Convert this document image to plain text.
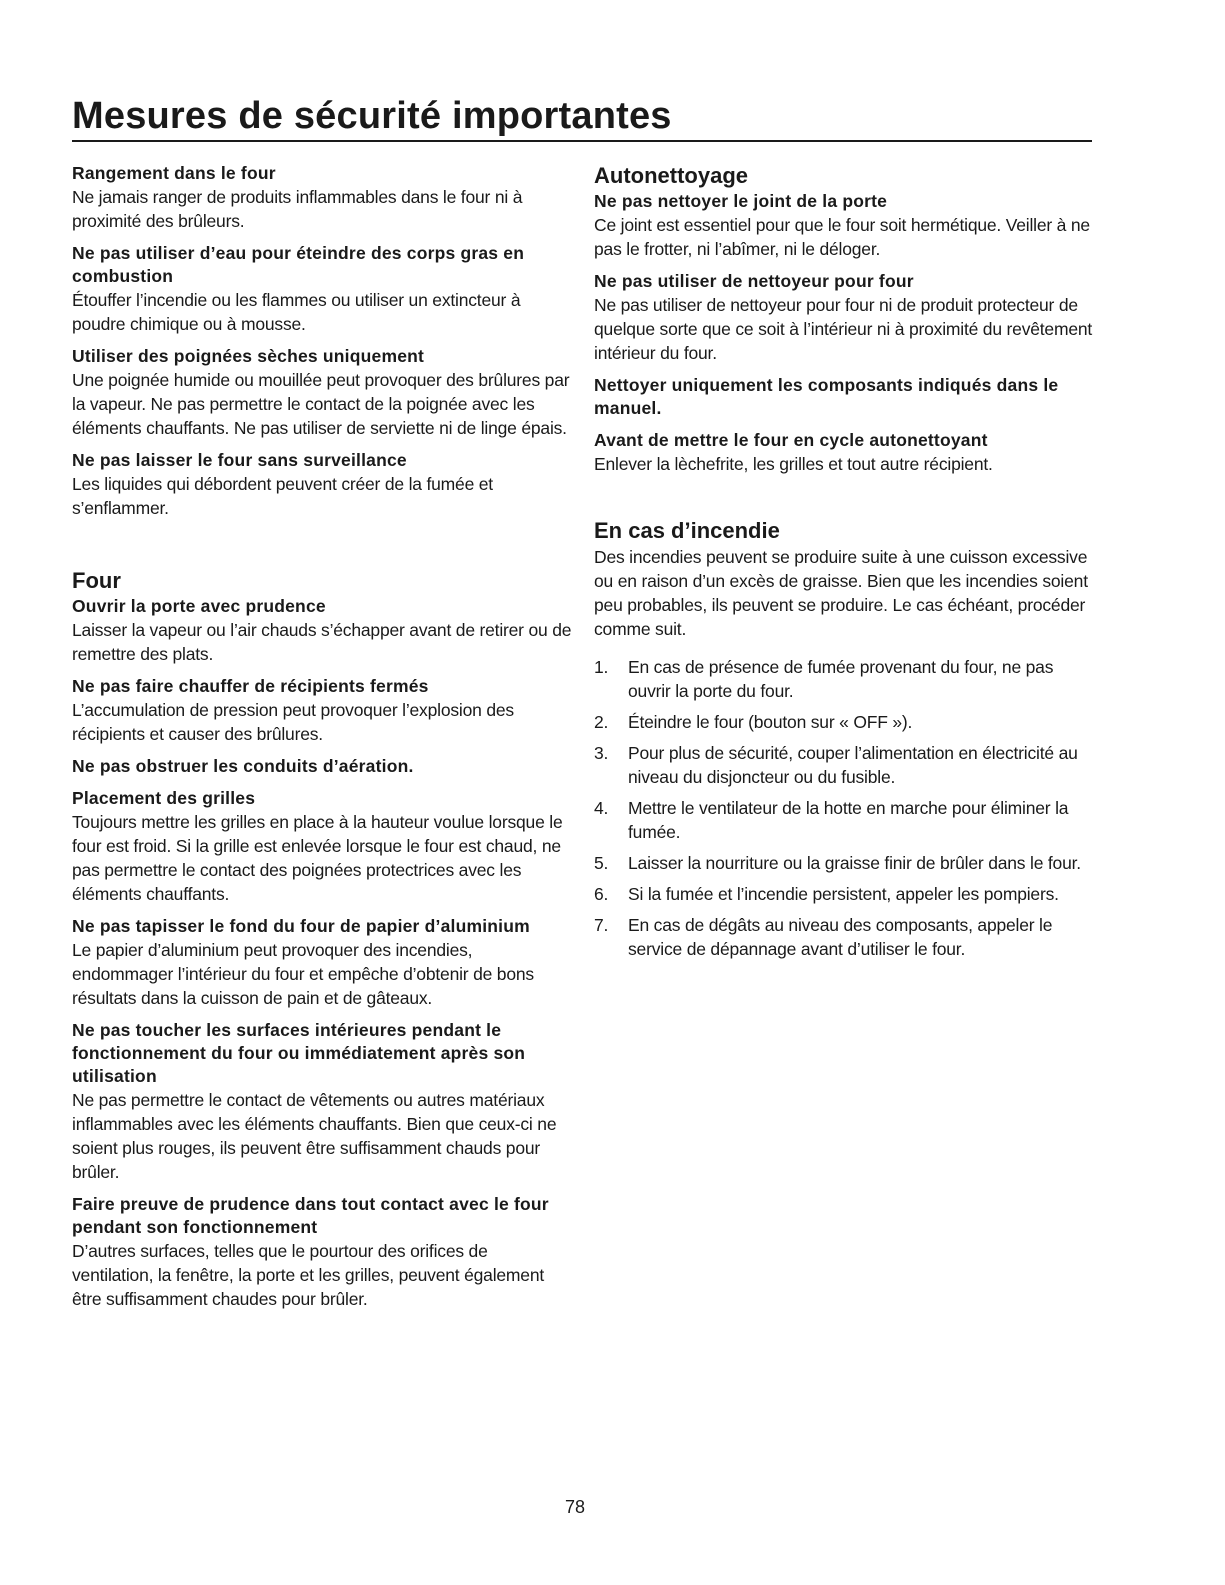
Mesures de sécurité importantes

Rangement dans le four

Ne jamais ranger de produits inflammables dans le four ni à proximité des brûleurs.

Ne pas utiliser d’eau pour éteindre des corps gras en combustion

Étouffer l’incendie ou les flammes ou utiliser un extincteur à poudre chimique ou à mousse.

Utiliser des poignées sèches uniquement

Une poignée humide ou mouillée peut provoquer des brûlures par la vapeur. Ne pas permettre le contact de la poignée avec les éléments chauffants. Ne pas utiliser de serviette ni de linge épais.

Ne pas laisser le four sans surveillance

Les liquides qui débordent peuvent créer de la fumée et s’enflammer.

Four

Ouvrir la porte avec prudence

Laisser la vapeur ou l’air chauds s’échapper avant de retirer ou de remettre des plats.

Ne pas faire chauffer de récipients fermés

L’accumulation de pression peut provoquer l’explosion des récipients et causer des brûlures.

Ne pas obstruer les conduits d’aération.

Placement des grilles

Toujours mettre les grilles en place à la hauteur voulue lorsque le four est froid. Si la grille est enlevée lorsque le four est chaud, ne pas permettre le contact des poignées protectrices avec les éléments chauffants.

Ne pas tapisser le fond du four de papier d’aluminium

Le papier d’aluminium peut provoquer des incendies, endommager l’intérieur du four et empêche d’obtenir de bons résultats dans la cuisson de pain et de gâteaux.

Ne pas toucher les surfaces intérieures pendant le fonctionnement du four ou immédiatement après son utilisation

Ne pas permettre le contact de vêtements ou autres matériaux inflammables avec les éléments chauffants. Bien que ceux-ci ne soient plus rouges, ils peuvent être suffisamment chauds pour brûler.

Faire preuve de prudence dans tout contact avec le four pendant son fonctionnement

D’autres surfaces, telles que le pourtour des orifices de ventilation, la fenêtre, la porte et les grilles, peuvent également être suffisamment chaudes pour brûler.

Autonettoyage

Ne pas nettoyer le joint de la porte

Ce joint est essentiel pour que le four soit hermétique. Veiller à ne pas le frotter, ni l’abîmer, ni le déloger.

Ne pas utiliser de nettoyeur pour four

Ne pas utiliser de nettoyeur pour four ni de produit protecteur de quelque sorte que ce soit à l’intérieur ni à proximité du revêtement intérieur du four.

Nettoyer uniquement les composants indiqués dans le manuel.

Avant de mettre le four en cycle autonettoyant

Enlever la lèchefrite, les grilles et tout autre récipient.

En cas d’incendie

Des incendies peuvent se produire suite à une cuisson excessive ou en raison d’un excès de graisse. Bien que les incendies soient peu probables, ils peuvent se produire. Le cas échéant, procéder comme suit.

1.	En cas de présence de fumée provenant du four, ne pas ouvrir la porte du four.
2.	Éteindre le four (bouton sur « OFF »).
3.	Pour plus de sécurité, couper l’alimentation en électricité au niveau du disjoncteur ou du fusible.
4.	Mettre le ventilateur de la hotte en marche pour éliminer la fumée.
5.	Laisser la nourriture ou la graisse finir de brûler dans le four.
6.	Si la fumée et l’incendie persistent, appeler les pompiers.
7.	En cas de dégâts au niveau des composants, appeler le service de dépannage avant d’utiliser le four.
78
